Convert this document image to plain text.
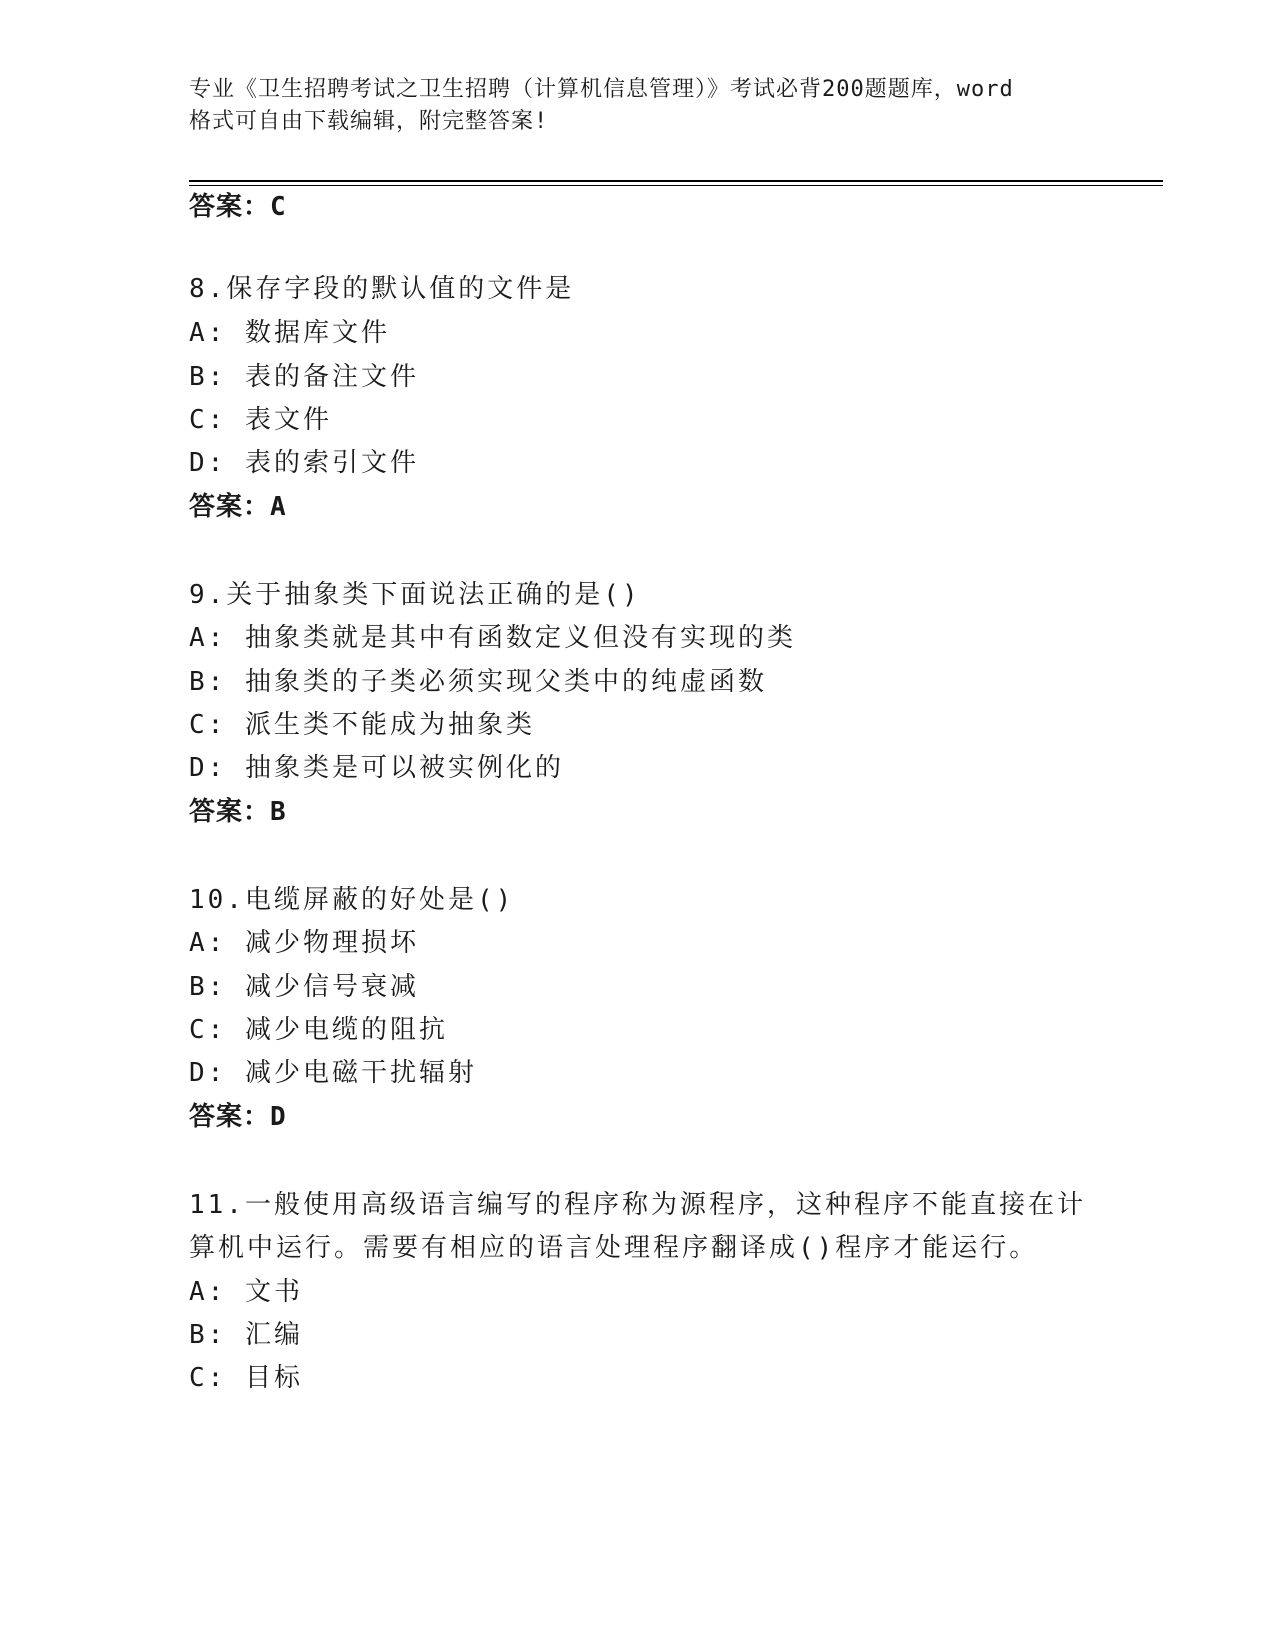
专业《卫生招聘考试之卫生招聘（计算机信息管理）》考试必背200题题库，word
格式可自由下载编辑，附完整答案!
答案：C
8.保存字段的默认值的文件是
A: 数据库文件
B: 表的备注文件
C: 表文件
D: 表的索引文件
答案：A
9.关于抽象类下面说法正确的是()
A: 抽象类就是其中有函数定义但没有实现的类
B: 抽象类的子类必须实现父类中的纯虚函数
C: 派生类不能成为抽象类
D: 抽象类是可以被实例化的
答案：B
10.电缆屏蔽的好处是()
A: 减少物理损坏
B: 减少信号衰减
C: 减少电缆的阻抗
D: 减少电磁干扰辐射
答案：D
11.一般使用高级语言编写的程序称为源程序，这种程序不能直接在计
算机中运行。需要有相应的语言处理程序翻译成()程序才能运行。
A: 文书
B: 汇编
C: 目标
